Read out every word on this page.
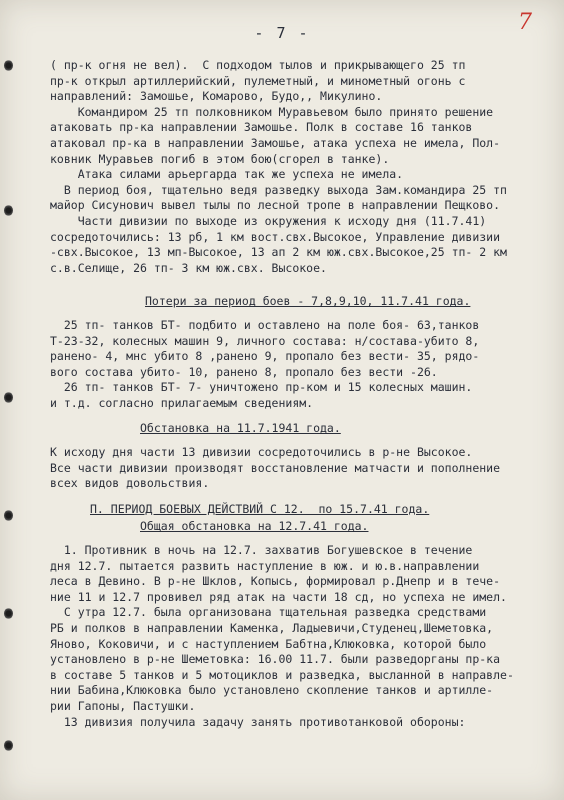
- 7 -	7
( пр-к огня не вел).  С подходом тылов и прикрывающего 25 тп
пр-к открыл артиллерийский, пулеметный, и минометный огонь с
направлений: Замошье, Комарово, Будо,, Микулино.
Командиром 25 тп полковником Муравьевом было принято решение
атаковать пр-ка направлении Замошье. Полк в составе 16 танков
атаковал пр-ка в направлении Замошье, атака успеха не имела, Пол-
ковник Муравьев погиб в этом бою(сгорел в танке).
Атака силами арьергарда так же успеха не имела.
В период боя, тщательно ведя разведку выхода Зам.командира 25 тп
майор Сисунович вывел тылы по лесной тропе в направлении Пещково.
Части дивизии по выходе из окружения к исходу дня (11.7.41)
сосредоточились: 13 рб, 1 км вост.свх.Высокое, Управление дивизии
-свх.Высокое, 13 мп-Высокое, 13 ап 2 км юж.свх.Высокое,25 тп- 2 км
с.в.Селище, 26 тп- 3 км юж.свх. Высокое.
Потери за период боев - 7,8,9,10, 11.7.41 года.
25 тп- танков БТ- подбито и оставлено на поле боя- 63,танков
Т-23-32, колесных машин 9, личного состава: н/состава-убито 8,
ранено- 4, мнс убито 8 ,ранено 9, пропало без вести- 35, рядо-
вого состава убито- 10, ранено 8, пропало без вести -26.
26 тп- танков БТ- 7- уничтожено пр-ком и 15 колесных машин.
и т.д. согласно прилагаемым сведениям.
Обстановка на 11.7.1941 года.
К исходу дня части 13 дивизии сосредоточились в р-не Высокое.
Все части дивизии производят восстановление матчасти и пополнение
всех видов довольствия.
П. ПЕРИОД БОЕВЫХ ДЕЙСТВИЙ С 12.  по 15.7.41 года.
Общая обстановка на 12.7.41 года.
1. Противник в ночь на 12.7. захватив Богушевское в течение
дня 12.7. пытается развить наступление в юж. и ю.в.направлении
леса в Девино. В р-не Шклов, Копысь, формировал р.Днепр и в тече-
ние 11 и 12.7 провивел ряд атак на части 18 сд, но успеха не имел.
С утра 12.7. была организована тщательная разведка средствами
РБ и полков в направлении Каменка, Ладыевичи,Студенец,Шеметовка,
Яново, Коковичи, и с наступлением Бабтна,Клюковка, которой было
установлено в р-не Шеметовка: 16.00 11.7. были разведорганы пр-ка
в составе 5 танков и 5 мотоциклов и разведка, высланной в направле-
нии Бабина,Клюковка было установлено скопление танков и артилле-
рии Гапоны, Пастушки.
13 дивизия получила задачу занять противотанковой обороны:
